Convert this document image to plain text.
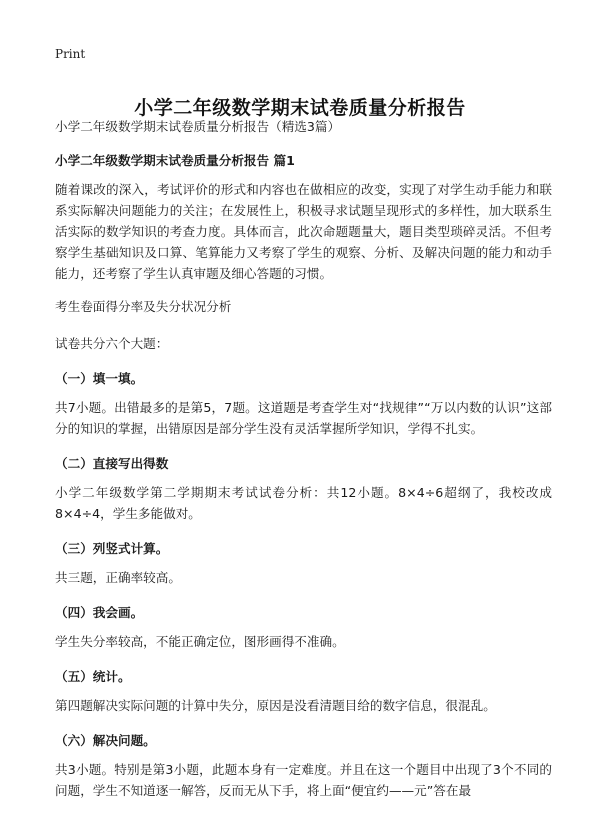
Print
小学二年级数学期末试卷质量分析报告

小学二年级数学期末试卷质量分析报告（精选3篇）

小学二年级数学期末试卷质量分析报告 篇1

随着课改的深入，考试评价的形式和内容也在做相应的改变，实现了对学生动手能力和联系实际解决问题能力的关注；在发展性上，积极寻求试题呈现形式的多样性，加大联系生活实际的数学知识的考查力度。具体而言，此次命题题量大，题目类型琐碎灵活。不但考察学生基础知识及口算、笔算能力又考察了学生的观察、分析、及解决问题的能力和动手能力，还考察了学生认真审题及细心答题的习惯。

考生卷面得分率及失分状况分析

试卷共分六个大题：

（一）填一填。

共7小题。出错最多的是第5，7题。这道题是考查学生对“找规律”“万以内数的认识”这部分的知识的掌握，出错原因是部分学生没有灵活掌握所学知识，学得不扎实。

（二）直接写出得数

小学二年级数学第二学期期末考试试卷分析：共12小题。8×4÷6超纲了，我校改成8×4÷4，学生多能做对。

（三）列竖式计算。

共三题，正确率较高。

（四）我会画。

学生失分率较高，不能正确定位，图形画得不准确。

（五）统计。

第四题解决实际问题的计算中失分，原因是没看清题目给的数字信息，很混乱。

（六）解决问题。

共3小题。特别是第3小题，此题本身有一定难度。并且在这一个题目中出现了3个不同的问题，学生不知道逐一解答，反而无从下手，将上面“便宜约——元”答在最
